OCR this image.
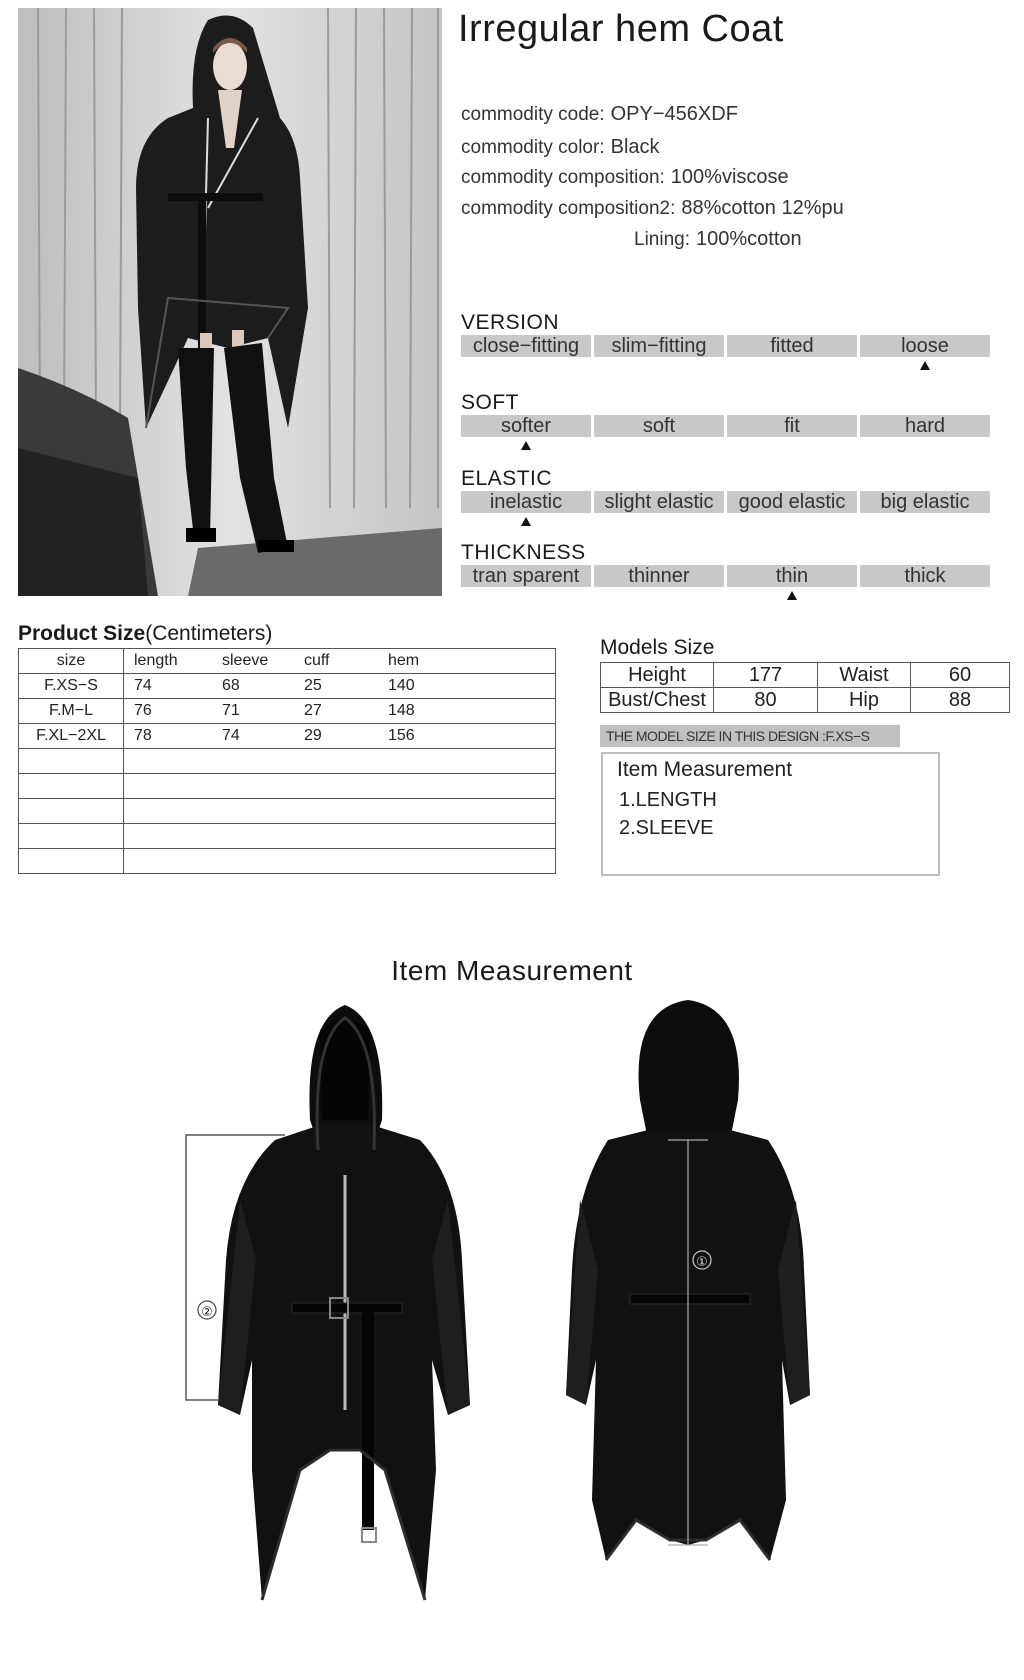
Irregular hem Coat
commodity code: OPY−456XDF
commodity color: Black
commodity composition: 100%viscose
commodity composition2: 88%cotton 12%pu
Lining: 100%cotton
VERSION
close−fitting	slim−fitting	fitted	loose
SOFT
softer	soft	fit	hard
ELASTIC
inelastic	slight elastic	good elastic	big elastic
THICKNESS
tran sparent	thinner	thin	thick
Product Size(Centimeters)
size	length sleeve cuff hem

F.XS−S	74 68 25 140

F.M−L	76 71 27 148

F.XL−2XL	78 74 29 156

Models Size
Height	177	Waist	60
Bust/Chest	80	Hip	88
THE MODEL SIZE IN THIS DESIGN :F.XS−S
Item Measurement
1.LENGTH
2.SLEEVE
Item Measurement
②
①
